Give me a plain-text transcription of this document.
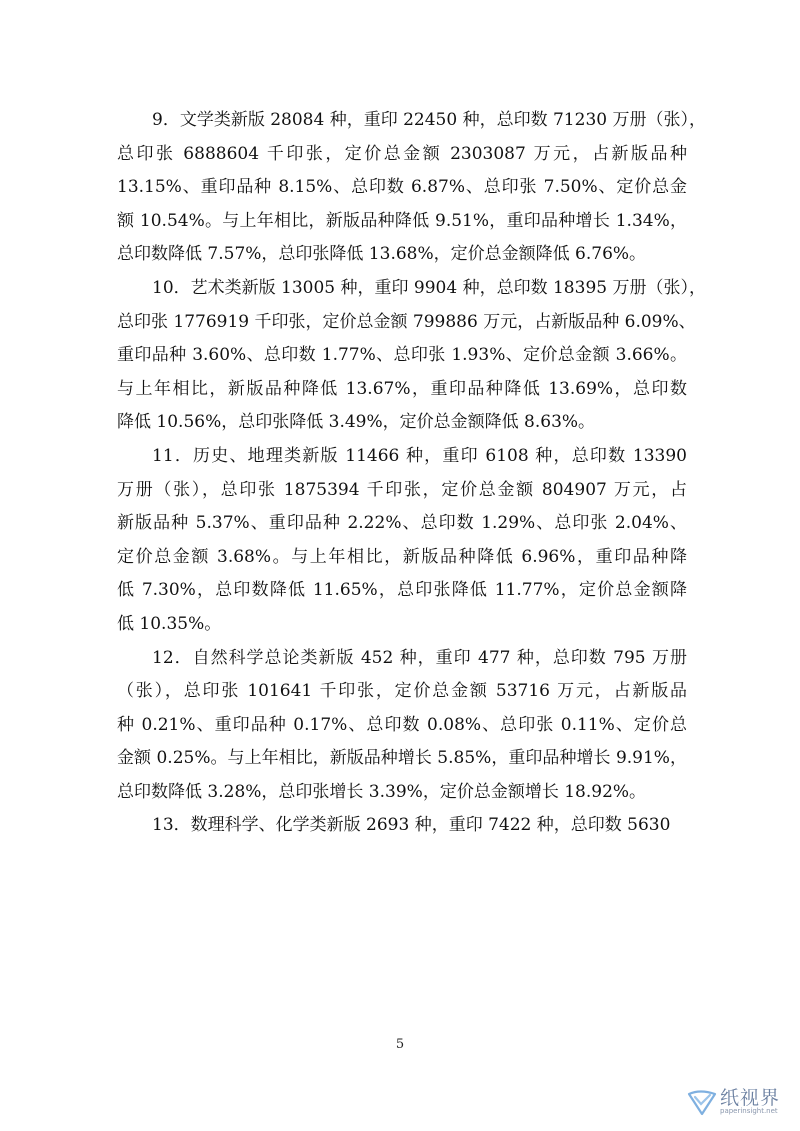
9．文学类新版 28084 种，重印 22450 种，总印数 71230 万册（张），
总印张 6888604 千印张，定价总金额 2303087 万元，占新版品种
13.15%、重印品种 8.15%、总印数 6.87%、总印张 7.50%、定价总金
额 10.54%。与上年相比，新版品种降低 9.51%，重印品种增长 1.34%，
总印数降低 7.57%，总印张降低 13.68%，定价总金额降低 6.76%。
10．艺术类新版 13005 种，重印 9904 种，总印数 18395 万册（张），
总印张 1776919 千印张，定价总金额 799886 万元，占新版品种 6.09%、
重印品种 3.60%、总印数 1.77%、总印张 1.93%、定价总金额 3.66%。
与上年相比，新版品种降低 13.67%，重印品种降低 13.69%，总印数
降低 10.56%，总印张降低 3.49%，定价总金额降低 8.63%。
11．历史、地理类新版 11466 种，重印 6108 种，总印数 13390
万册（张），总印张 1875394 千印张，定价总金额 804907 万元，占
新版品种 5.37%、重印品种 2.22%、总印数 1.29%、总印张 2.04%、
定价总金额 3.68%。与上年相比，新版品种降低 6.96%，重印品种降
低 7.30%，总印数降低 11.65%，总印张降低 11.77%，定价总金额降
低 10.35%。
12．自然科学总论类新版 452 种，重印 477 种，总印数 795 万册
（张），总印张 101641 千印张，定价总金额 53716 万元，占新版品
种 0.21%、重印品种 0.17%、总印数 0.08%、总印张 0.11%、定价总
金额 0.25%。与上年相比，新版品种增长 5.85%，重印品种增长 9.91%，
总印数降低 3.28%，总印张增长 3.39%，定价总金额增长 18.92%。
13．数理科学、化学类新版 2693 种，重印 7422 种，总印数 5630
5
纸视界
paperinsight.net
